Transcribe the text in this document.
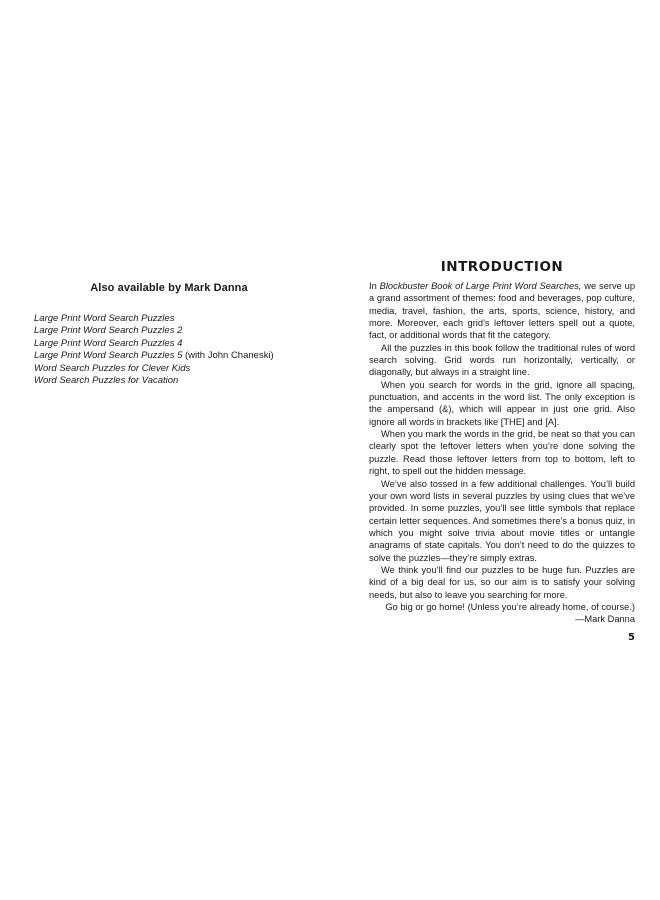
Also available by Mark Danna
Large Print Word Search Puzzles
Large Print Word Search Puzzles 2
Large Print Word Search Puzzles 4
Large Print Word Search Puzzles 5 (with John Chaneski)
Word Search Puzzles for Clever Kids
Word Search Puzzles for Vacation
INTRODUCTION

In Blockbuster Book of Large Print Word Searches, we serve up a grand assortment of themes: food and beverages, pop culture, media, travel, fashion, the arts, sports, science, history, and more. Moreover, each grid’s leftover letters spell out a quote, fact, or additional words that fit the category.

All the puzzles in this book follow the traditional rules of word search solving. Grid words run horizontally, vertically, or diagonally, but always in a straight line.

When you search for words in the grid, ignore all spacing, punctuation, and accents in the word list. The only exception is the ampersand (&), which will appear in just one grid. Also ignore all words in brackets like [THE] and [A].

When you mark the words in the grid, be neat so that you can clearly spot the leftover letters when you’re done solving the puzzle. Read those leftover letters from top to bottom, left to right, to spell out the hidden message.

We’ve also tossed in a few additional challenges. You’ll build your own word lists in several puzzles by using clues that we’ve provided. In some puzzles, you’ll see little symbols that replace certain letter sequences. And sometimes there’s a bonus quiz, in which you might solve trivia about movie titles or untangle anagrams of state capitals. You don’t need to do the quizzes to solve the puzzles—they’re simply extras.

We think you’ll find our puzzles to be huge fun. Puzzles are kind of a big deal for us, so our aim is to satisfy your solving needs, but also to leave you searching for more.

Go big or go home! (Unless you’re already home, of course.)

—Mark Danna

5
